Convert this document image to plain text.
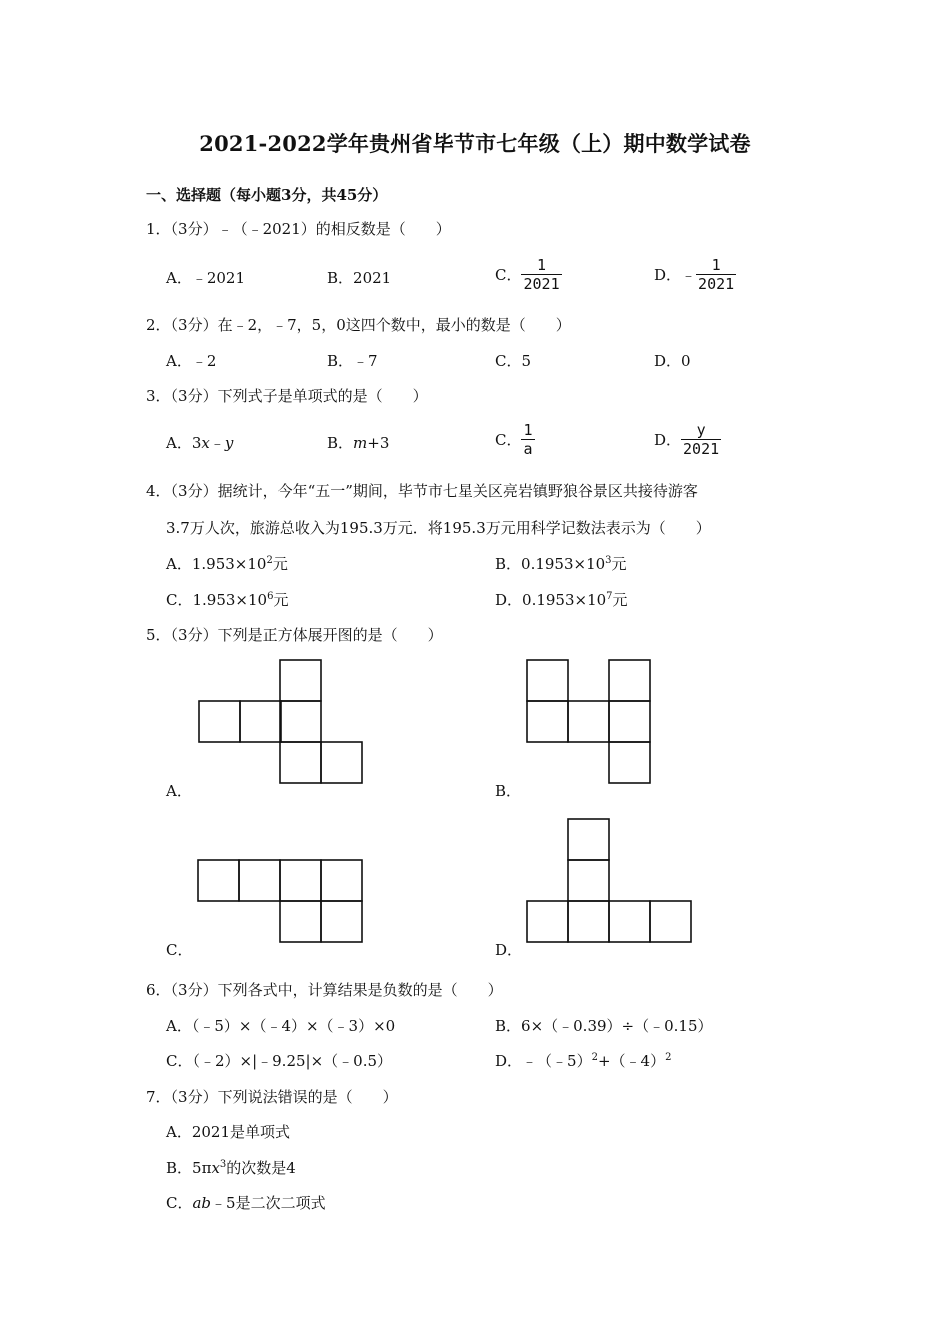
2021-2022学年贵州省毕节市七年级（上）期中数学试卷
一、选择题（每小题3分，共45分）
1．（3分）﹣（﹣2021）的相反数是（　　）
A．﹣2021	B．2021	C． $\frac{1}{2021}$	D．﹣ $\frac{1}{2021}$
2．（3分）在﹣2，﹣7，5，0这四个数中，最小的数是（　　）
A．﹣2	B．﹣7	C．5	D．0
3．（3分）下列式子是单项式的是（　　）
A．3x﹣y	B．m+3	C． $\frac{1}{a}$	D． $\frac{y}{2021}$
4．（3分）据统计，今年“五一”期间，毕节市七星关区亮岩镇野狼谷景区共接待游客
3.7万人次，旅游总收入为195.3万元．将195.3万元用科学记数法表示为（　　）
A．$1.953\times 10^2$元	B．$0.1953\times 10^3$元
C．$1.953\times 10^6$元	D．$0.1953\times 10^7$元
5．（3分）下列是正方体展开图的是（　　）
A．	B．
C．	D．
6．（3分）下列各式中，计算结果是负数的是（　　）
A．（﹣5）×（﹣4）×（﹣3）×0	B．6×（﹣0.39）÷（﹣0.15）
C．（﹣2）×|﹣9.25|×（﹣0.5）	D．﹣（﹣5）$^2$+（﹣4）$^2$
7．（3分）下列说法错误的是（　　）
A．2021是单项式
B．$5\pi x^3$的次数是4
C．ab﹣5是二次二项式
